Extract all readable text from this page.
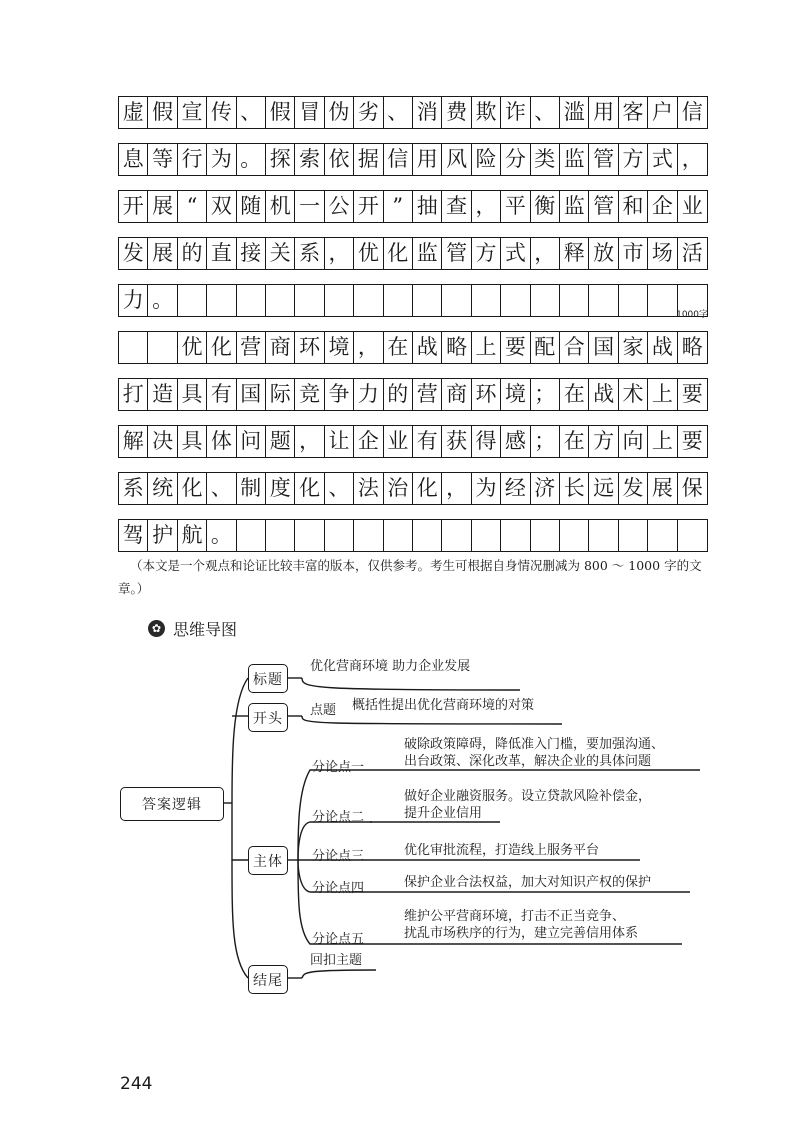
虚 假 宣 传 、 假 冒 伪 劣 、 消 费 欺 诈 、 滥 用 客 户 信
息 等 行 为 。 探 索 依 据 信 用 风 险 分 类 监 管 方 式 ，
开 展 “ 双 随 机 一 公 开 ” 抽 查 ， 平 衡 监 管 和 企 业
发 展 的 直 接 关 系 ， 优 化 监 管 方 式 ， 释 放 市 场 活
力 。
优 化 营 商 环 境 ， 在 战 略 上 要 配 合 国 家 战 略
打 造 具 有 国 际 竞 争 力 的 营 商 环 境 ； 在 战 术 上 要
解 决 具 体 问 题 ， 让 企 业 有 获 得 感 ； 在 方 向 上 要
系 统 化 、 制 度 化 、 法 治 化 ， 为 经 济 长 远 发 展 保
驾 护 航 。
1000字
（本文是一个观点和论证比较丰富的版本，仅供参考。考生可根据自身情况删减为 800 ～ 1000 字的文章。）
✿ 思维导图
答案逻辑
标题
开头
主体
结尾
优化营商环境 助力企业发展
点题 概括性提出优化营商环境的对策
分论点一
破除政策障碍，降低准入门槛，要加强沟通、
出台政策、深化改革，解决企业的具体问题
分论点二
做好企业融资服务。设立贷款风险补偿金，
提升企业信用
分论点三	优化审批流程，打造线上服务平台
分论点四	保护企业合法权益，加大对知识产权的保护
分论点五
维护公平营商环境，打击不正当竞争、
扰乱市场秩序的行为，建立完善信用体系
回扣主题
244
